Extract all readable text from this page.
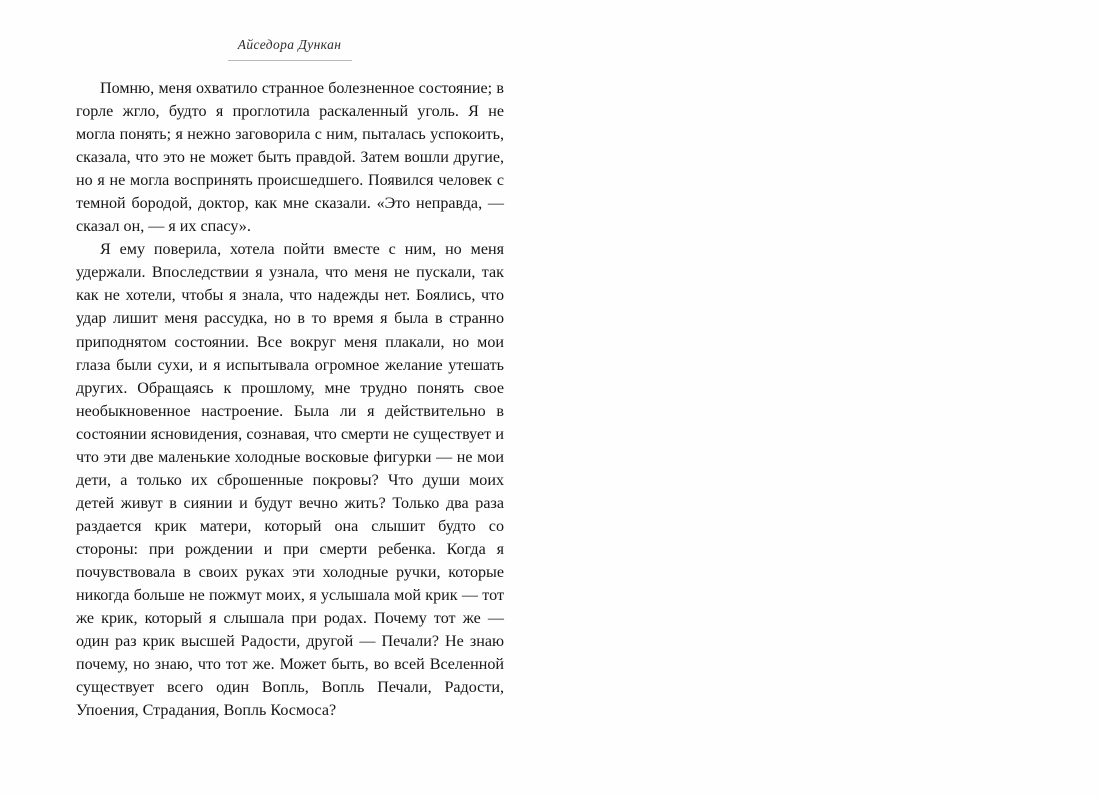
Айседора Дункан

Помню, меня охватило странное болезненное состояние; в горле жгло, будто я проглотила раскаленный уголь. Я не могла понять; я нежно заговорила с ним, пыталась успокоить, сказала, что это не может быть правдой. Затем вошли другие, но я не могла воспринять происшедшего. Появился человек с темной бородой, доктор, как мне сказали. «Это неправда, — сказал он, — я их спасу».

Я ему поверила, хотела пойти вместе с ним, но меня удержали. Впоследствии я узнала, что меня не пускали, так как не хотели, чтобы я знала, что надежды нет. Боялись, что удар лишит меня рассудка, но в то время я была в странно приподнятом состоянии. Все вокруг меня плакали, но мои глаза были сухи, и я испытывала огромное желание утешать других. Обращаясь к прошлому, мне трудно понять свое необыкновенное настроение. Была ли я действительно в состоянии ясновидения, сознавая, что смерти не существует и что эти две маленькие холодные восковые фигурки — не мои дети, а только их сброшенные покровы? Что души моих детей живут в сиянии и будут вечно жить? Только два раза раздается крик матери, который она слышит будто со стороны: при рождении и при смерти ребенка. Когда я почувствовала в своих руках эти холодные ручки, которые никогда больше не пожмут моих, я услышала мой крик — тот же крик, который я слышала при родах. Почему тот же — один раз крик высшей Радости, другой — Печали? Не знаю почему, но знаю, что тот же. Может быть, во всей Вселенной существует всего один Вопль, Вопль Печали, Радости, Упоения, Страдания, Вопль Космоса?
